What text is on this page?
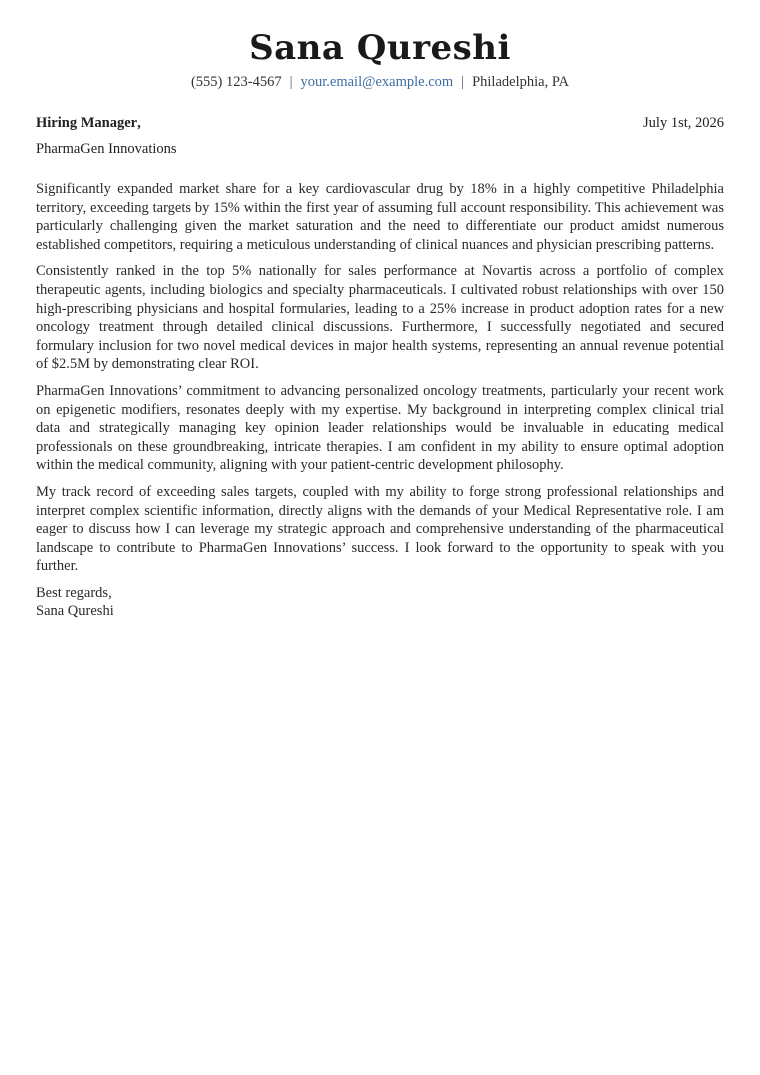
Sana Qureshi
(555) 123-4567 | your.email@example.com | Philadelphia, PA
Hiring Manager,	July 1st, 2026
PharmaGen Innovations

Significantly expanded market share for a key cardiovascular drug by 18% in a highly competitive Philadelphia territory, exceeding targets by 15% within the first year of assuming full account responsibility. This achievement was particularly challenging given the market saturation and the need to differentiate our product amidst numerous established competitors, requiring a meticulous understanding of clinical nuances and physician prescribing patterns.

Consistently ranked in the top 5% nationally for sales performance at Novartis across a portfolio of complex therapeutic agents, including biologics and specialty pharmaceuticals. I cultivated robust relationships with over 150 high-prescribing physicians and hospital formularies, leading to a 25% increase in product adoption rates for a new oncology treatment through detailed clinical discussions. Furthermore, I successfully negotiated and secured formulary inclusion for two novel medical devices in major health systems, representing an annual revenue potential of $2.5M by demonstrating clear ROI.

PharmaGen Innovations’ commitment to advancing personalized oncology treatments, particularly your recent work on epigenetic modifiers, resonates deeply with my expertise. My background in interpreting complex clinical trial data and strategically managing key opinion leader relationships would be invaluable in educating medical professionals on these groundbreaking, intricate therapies. I am confident in my ability to ensure optimal adoption within the medical community, aligning with your patient-centric development philosophy.

My track record of exceeding sales targets, coupled with my ability to forge strong professional relationships and interpret complex scientific information, directly aligns with the demands of your Medical Representative role. I am eager to discuss how I can leverage my strategic approach and comprehensive understanding of the pharmaceutical landscape to contribute to PharmaGen Innovations’ success. I look forward to the opportunity to speak with you further.

Best regards,
Sana Qureshi
